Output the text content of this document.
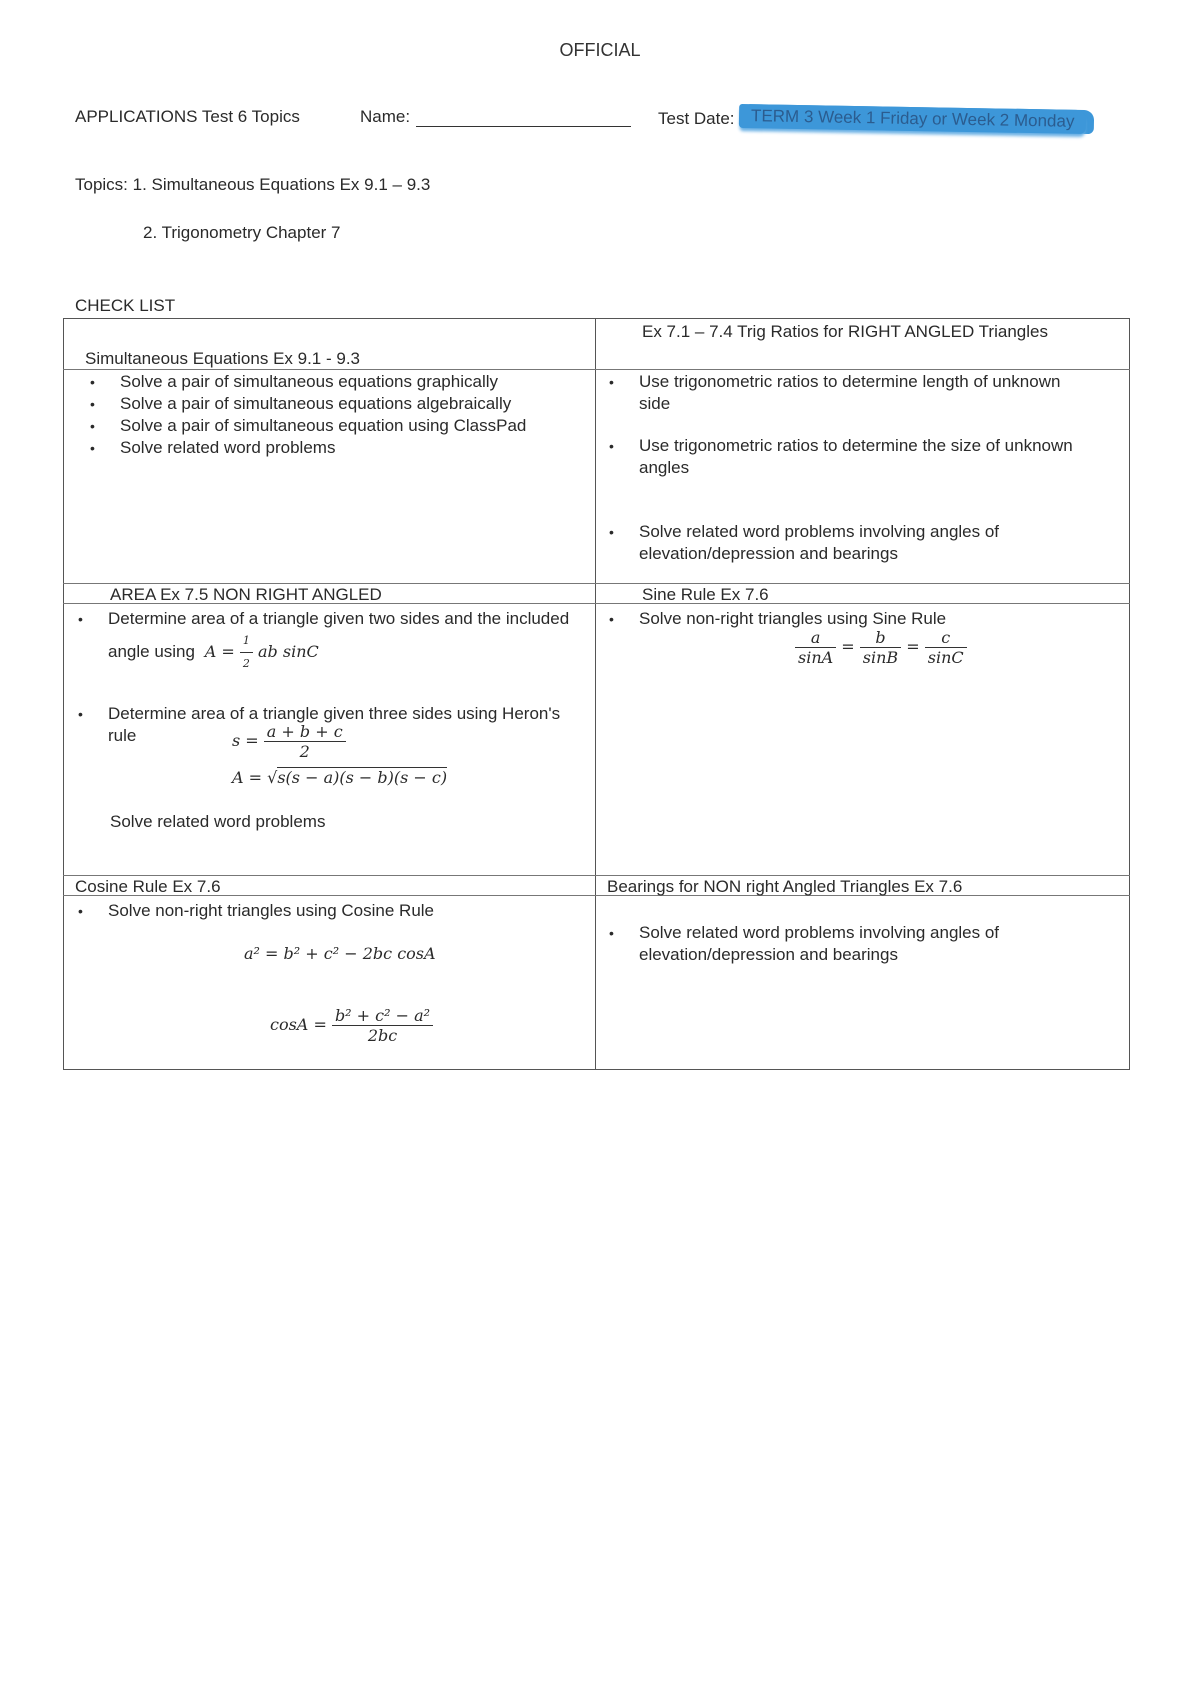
OFFICIAL
APPLICATIONS Test 6 Topics	Name:	Test Date: TERM 3 Week 1 Friday or Week 2 Monday
Topics: 1. Simultaneous Equations Ex 9.1 – 9.3
2. Trigonometry Chapter 7
CHECK LIST
Simultaneous Equations Ex 9.1 - 9.3
• Solve a pair of simultaneous equations graphically
• Solve a pair of simultaneous equations algebraically
• Solve a pair of simultaneous equation using ClassPad
• Solve related word problems
Ex 7.1 – 7.4 Trig Ratios for RIGHT ANGLED Triangles
• Use trigonometric ratios to determine length of unknown side
• Use trigonometric ratios to determine the size of unknown angles
• Solve related word problems involving angles of elevation/depression and bearings
AREA Ex 7.5 NON RIGHT ANGLED
• Determine area of a triangle given two sides and the included angle using  $A = \frac{1}{2}$ ab sinC
• Determine area of a triangle given three sides using Heron's rule	$s = \frac{a + b + c}{2}$
A = √s(s − a)(s − b)(s − c)
Solve related word problems
Sine Rule Ex 7.6
• Solve non-right triangles using Sine Rule
$\frac{a}{\sin A} = \frac{b}{\sin B} = \frac{c}{\sin C}$
Cosine Rule Ex 7.6
• Solve non-right triangles using Cosine Rule
a² = b² + c² − 2bc cosA
$\cos A = \frac{\text{b² + c² − a²}}{2bc}$
Bearings for NON right Angled Triangles Ex 7.6
• Solve related word problems involving angles of elevation/depression and bearings
